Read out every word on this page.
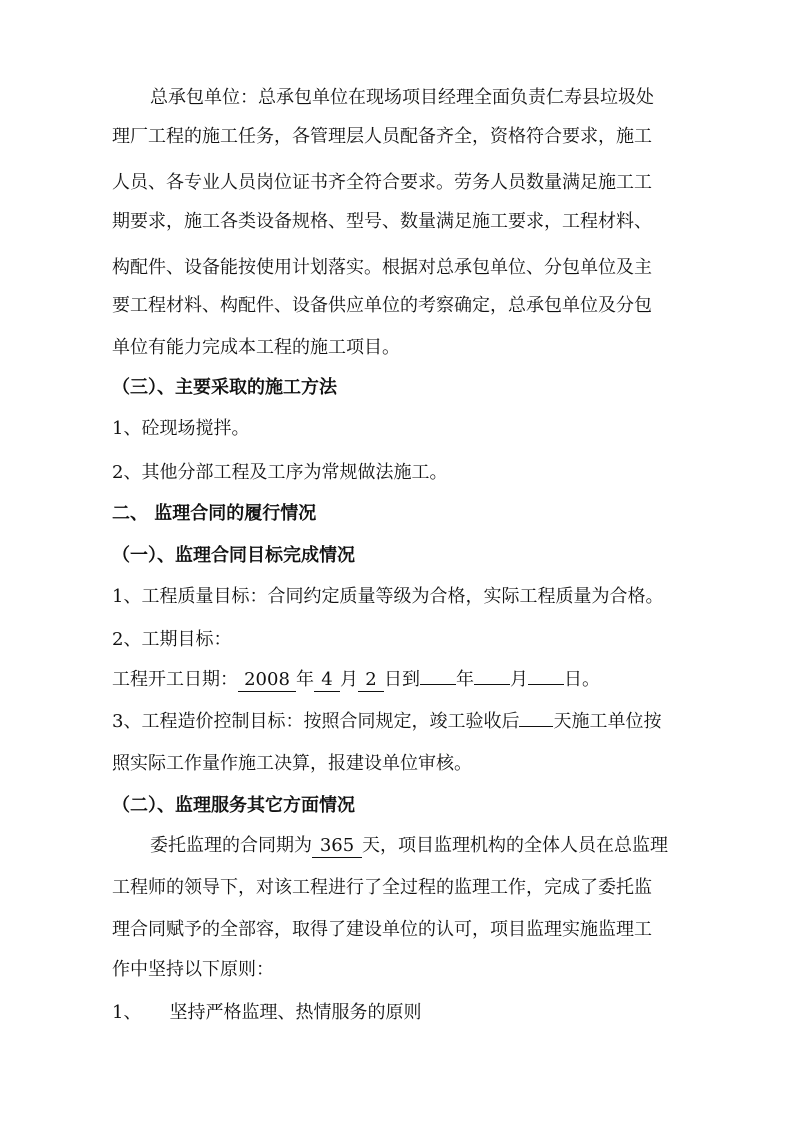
总承包单位：总承包单位在现场项目经理全面负责仁寿县垃圾处
理厂工程的施工任务，各管理层人员配备齐全，资格符合要求，施工
人员、各专业人员岗位证书齐全符合要求。劳务人员数量满足施工工
期要求，施工各类设备规格、型号、数量满足施工要求，工程材料、
构配件、设备能按使用计划落实。根据对总承包单位、分包单位及主
要工程材料、构配件、设备供应单位的考察确定，总承包单位及分包
单位有能力完成本工程的施工项目。
（三）、主要采取的施工方法
1、砼现场搅拌。
2、其他分部工程及工序为常规做法施工。
二、 监理合同的履行情况
（一）、监理合同目标完成情况
1、工程质量目标：合同约定质量等级为合格，实际工程质量为合格。
2、工期目标：
工程开工日期： 2008 年 4 月 2 日到 年 月 日。
3、工程造价控制目标：按照合同规定，竣工验收后 天施工单位按
照实际工作量作施工决算，报建设单位审核。
（二）、监理服务其它方面情况
委托监理的合同期为 365 天，项目监理机构的全体人员在总监理
工程师的领导下，对该工程进行了全过程的监理工作，完成了委托监
理合同赋予的全部容，取得了建设单位的认可，项目监理实施监理工
作中坚持以下原则：
1、 坚持严格监理、热情服务的原则
